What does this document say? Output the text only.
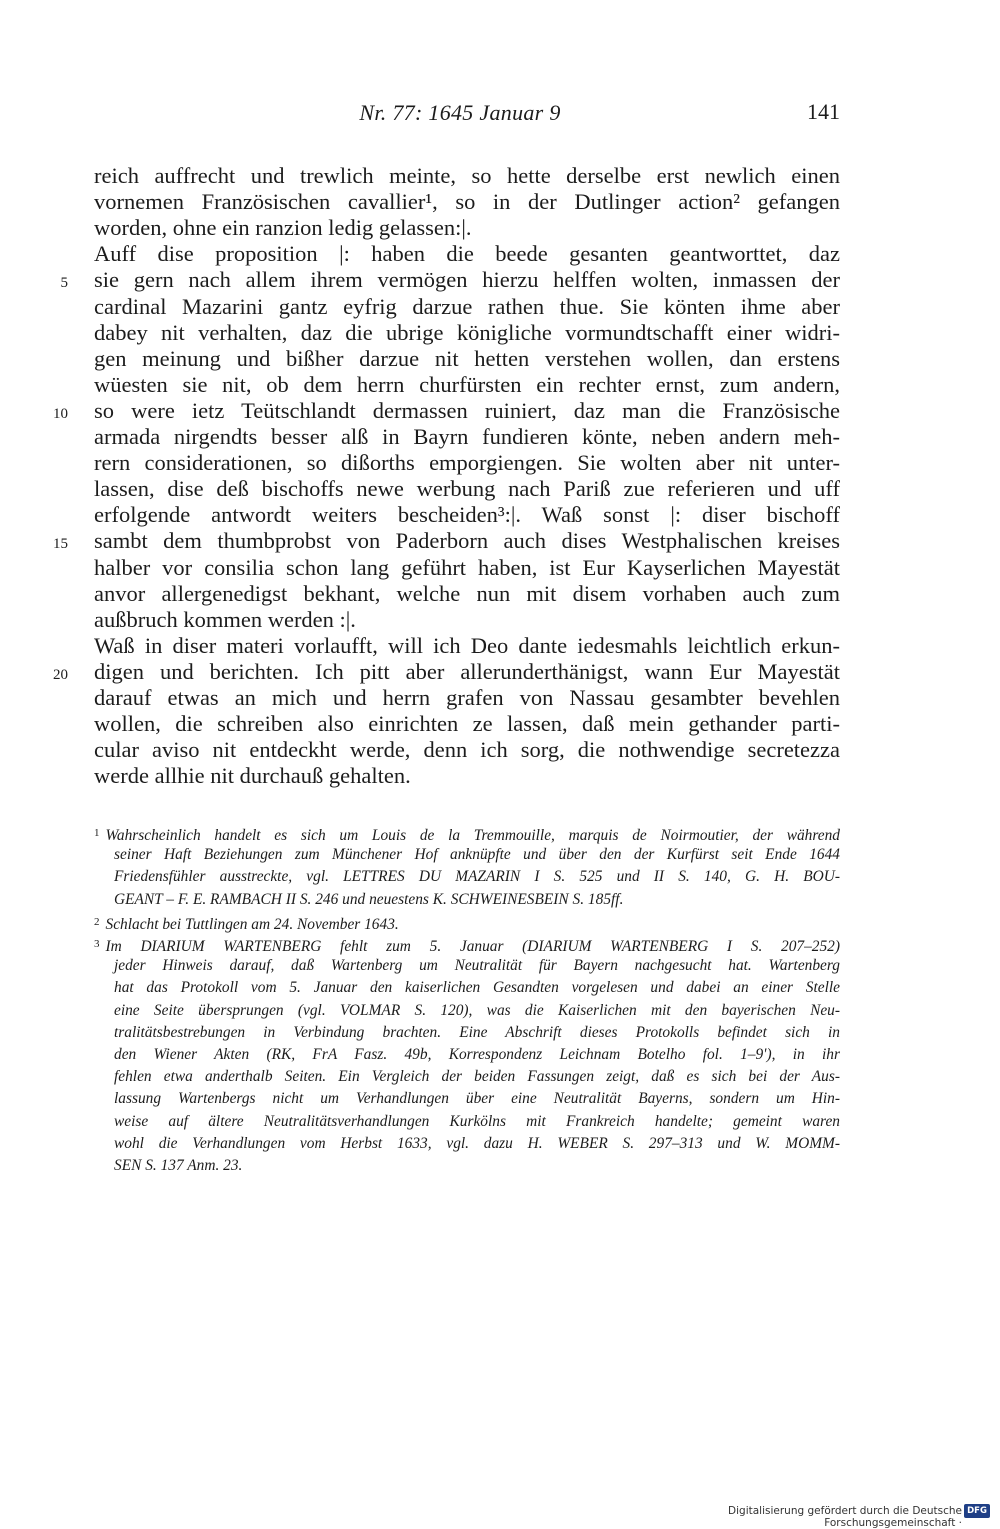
Nr. 77: 1645 Januar 9	141
reich auffrecht und trewlich meinte, so hette derselbe erst newlich einen
vornemen Französischen cavallier¹, so in der Dutlinger action² gefangen
worden, ohne ein ranzion ledig gelassen:|.
Auff dise proposition |: haben die beede gesanten geantworttet, daz
sie gern nach allem ihrem vermögen hierzu helffen wolten, inmassen der
cardinal Mazarini gantz eyfrig darzue rathen thue. Sie könten ihme aber
dabey nit verhalten, daz die ubrige königliche vormundtschafft einer widri-
gen meinung und bißher darzue nit hetten verstehen wollen, dan erstens
wüesten sie nit, ob dem herrn churfürsten ein rechter ernst, zum andern,
so were ietz Teütschlandt dermassen ruiniert, daz man die Französische
armada nirgendts besser alß in Bayrn fundieren könte, neben andern meh-
rern considerationen, so dißorths emporgiengen. Sie wolten aber nit unter-
lassen, dise deß bischoffs newe werbung nach Pariß zue referieren und uff
erfolgende antwordt weiters bescheiden³:|. Waß sonst |: diser bischoff
sambt dem thumbprobst von Paderborn auch dises Westphalischen kreises
halber vor consilia schon lang geführt haben, ist Eur Kayserlichen Mayestät
anvor allergenedigst bekhant, welche nun mit disem vorhaben auch zum
außbruch kommen werden :|.
Waß in diser materi vorlaufft, will ich Deo dante iedesmahls leichtlich erkun-
digen und berichten. Ich pitt aber allerunderthänigst, wann Eur Mayestät
darauf etwas an mich und herrn grafen von Nassau gesambter bevehlen
wollen, die schreiben also einrichten ze lassen, daß mein gethander parti-
cular aviso nit entdeckht werde, denn ich sorg, die nothwendige secretezza
werde allhie nit durchauß gehalten.
5
10
15
20
$^1$ Wahrscheinlich handelt es sich um Louis de la Tremmouille, marquis de Noirmoutier, der während
seiner Haft Beziehungen zum Münchener Hof anknüpfte und über den der Kurfürst seit Ende 1644
Friedensfühler ausstreckte, vgl. LETTRES DU MAZARIN I S. 525 und II S. 140, G. H. BOU-
GEANT – F. E. RAMBACH II S. 246 und neuestens K. SCHWEINESBEIN S. 185ff.
$^2$ Schlacht bei Tuttlingen am 24. November 1643.
$^3$ Im DIARIUM WARTENBERG fehlt zum 5. Januar (DIARIUM WARTENBERG I S. 207–252)
jeder Hinweis darauf, daß Wartenberg um Neutralität für Bayern nachgesucht hat. Wartenberg
hat das Protokoll vom 5. Januar den kaiserlichen Gesandten vorgelesen und dabei an einer Stelle
eine Seite übersprungen (vgl. VOLMAR S. 120), was die Kaiserlichen mit den bayerischen Neu-
tralitätsbestrebungen in Verbindung brachten. Eine Abschrift dieses Protokolls befindet sich in
den Wiener Akten (RK, FrA Fasz. 49b, Korrespondenz Leichnam Botelho fol. 1–9'), in ihr
fehlen etwa anderthalb Seiten. Ein Vergleich der beiden Fassungen zeigt, daß es sich bei der Aus-
lassung Wartenbergs nicht um Verhandlungen über eine Neutralität Bayerns, sondern um Hin-
weise auf ältere Neutralitätsverhandlungen Kurkölns mit Frankreich handelte; gemeint waren
wohl die Verhandlungen vom Herbst 1633, vgl. dazu H. WEBER S. 297–313 und W. MOMM-
SEN S. 137 Anm. 23.
Digitalisierung gefördert durch die Deutsche Forschungsgemeinschaft ·
DFG
